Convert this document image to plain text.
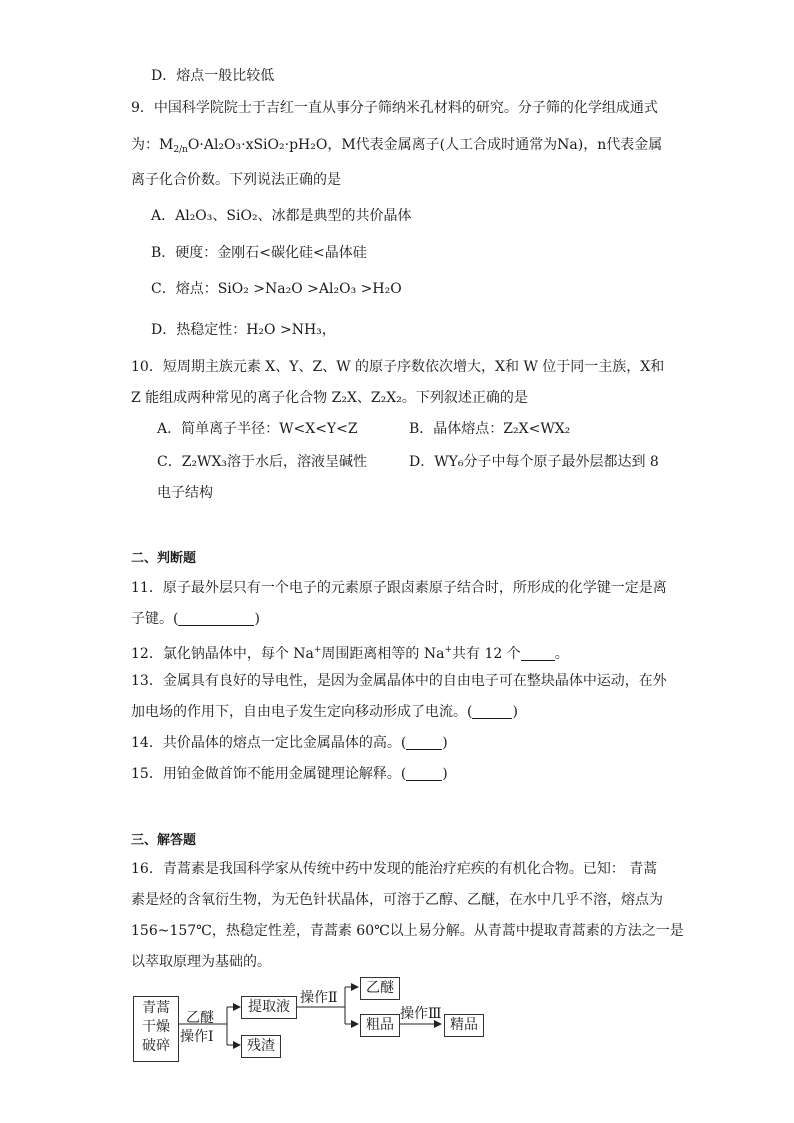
D．熔点一般比较低
9．中国科学院院士于吉红一直从事分子筛纳米孔材料的研究。分子筛的化学组成通式
为：$M_{2/n}O\cdot Al_2O_3\cdot xSiO_2\cdot pH_2O$，M代表金属离子(人工合成时通常为Na)，n代表金属
离子化合价数。下列说法正确的是
A．Al₂O₃、SiO₂、冰都是典型的共价晶体
B．硬度：金刚石<碳化硅<晶体硅
C．熔点：SiO₂ >Na₂O >Al₂O₃ >H₂O
D．热稳定性：H₂O >NH₃，
10．短周期主族元素 X、Y、Z、W 的原子序数依次增大，X和 W 位于同一主族，X和
Z 能组成两种常见的离子化合物 Z₂X、Z₂X₂。下列叙述正确的是
A．简单离子半径：W<X<Y<Z	B．晶体熔点：Z₂X<WX₂
C．Z₂WX₃溶于水后，溶液呈碱性	D．WY₆分子中每个原子最外层都达到 8
电子结构
二、判断题
11．原子最外层只有一个电子的元素原子跟卤素原子结合时，所形成的化学键一定是离
子键。(	)
12．氯化钠晶体中，每个 Na+周围距离相等的 Na+共有 12 个 。
13．金属具有良好的导电性，是因为金属晶体中的自由电子可在整块晶体中运动，在外
加电场的作用下，自由电子发生定向移动形成了电流。(	)
14．共价晶体的熔点一定比金属晶体的高。(	)
15．用铂金做首饰不能用金属键理论解释。(	)
三、解答题
16．青蒿素是我国科学家从传统中药中发现的能治疗疟疾的有机化合物。已知： 青蒿
素是烃的含氧衍生物，为无色针状晶体，可溶于乙醇、乙醚，在水中几乎不溶，熔点为
156~157℃，热稳定性差，青蒿素 60℃以上易分解。从青蒿中提取青蒿素的方法之一是
以萃取原理为基础的。
青蒿
干燥
破碎
乙醚
操作Ⅰ
提取液
残渣
操作Ⅱ
乙醚
粗品
操作Ⅲ
精品
